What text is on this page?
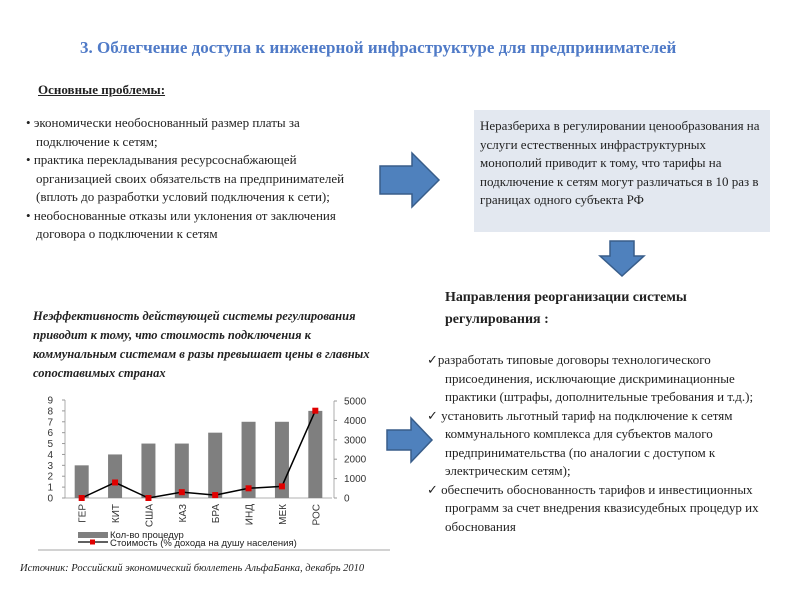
3. Облегчение доступа к инженерной инфраструктуре для предпринимателей
Основные проблемы:
• экономически необоснованный размер платы за подключение к сетям;
• практика перекладывания ресурсоснабжающей организацией своих обязательств на предпринимателей (вплоть до разработки условий подключения к сети);
• необоснованные отказы или уклонения от заключения договора о подключении к сетям
Неразбериха в регулировании ценообразования на услуги естественных инфраструктурных монополий приводит к тому, что тарифы на подключение к сетям могут различаться в 10 раз в границах одного субъекта РФ
Неэффективность действующей системы регулирования приводит к тому, что стоимость подключения к коммунальным системам в разы превышает цены в главных сопоставимых странах
Направления реорганизации системы регулирования :
✓разработать типовые договоры технологического присоединения, исключающие дискриминационные практики (штрафы, дополнительные требования и т.д.);
✓ установить льготный тариф на подключение к сетям коммунального комплекса для субъектов малого предпринимательства (по аналогии с доступом к электрическим сетям);
✓ обеспечить обоснованность тарифов и инвестиционных программ за счет внедрения квазисудебных процедур их обоснования
0
1
2
3
4
5
6
7
8
9
0
1000
2000
3000
4000
5000
ГЕР КИТ США КАЗ БРА ИНД МЕК РОС
Кол-во процедур
Стоимость (% дохода на душу населения)
Источник: Российский экономический бюллетень АльфаБанка, декабрь 2010
